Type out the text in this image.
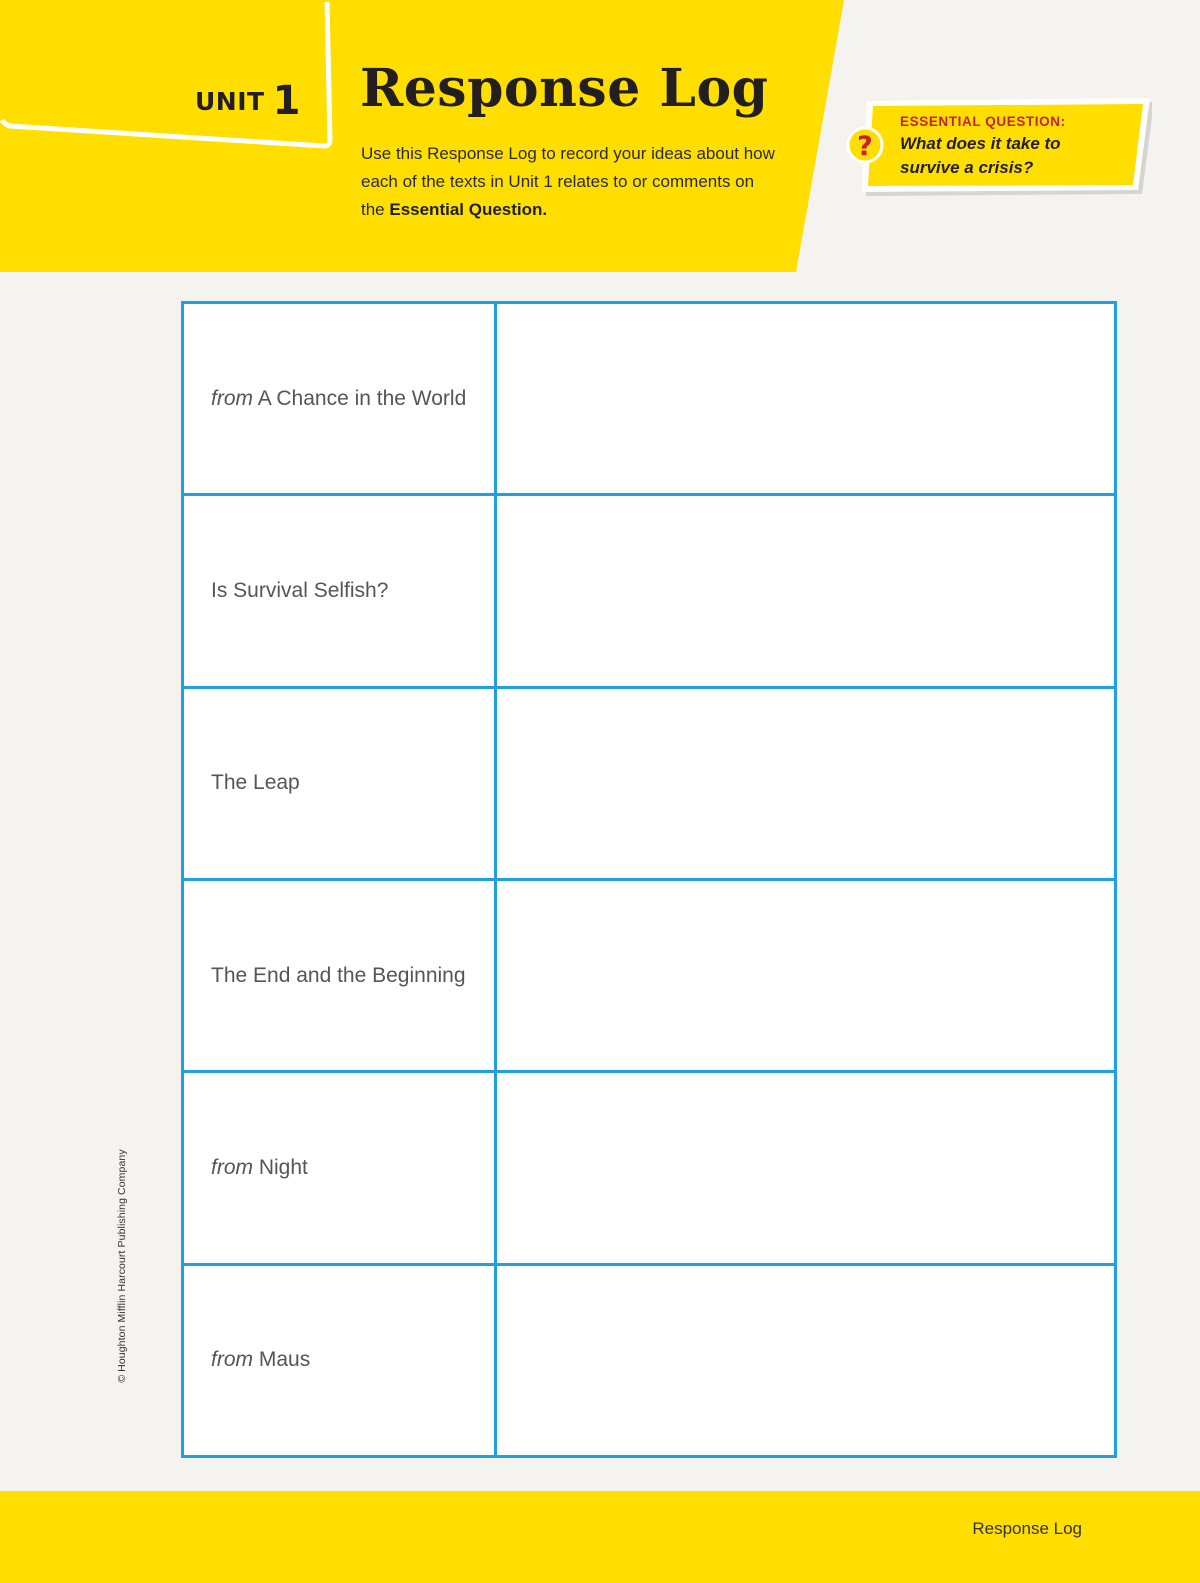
UNIT 1 Response Log

Use this Response Log to record your ideas about how each of the texts in Unit 1 relates to or comments on the Essential Question.

?
ESSENTIAL QUESTION:
What does it take to survive a crisis?
from A Chance in the World	
Is Survival Selfish?	
The Leap	
The End and the Beginning	
from Night	
from Maus	
© Houghton Mifflin Harcourt Publishing Company
Response Log
